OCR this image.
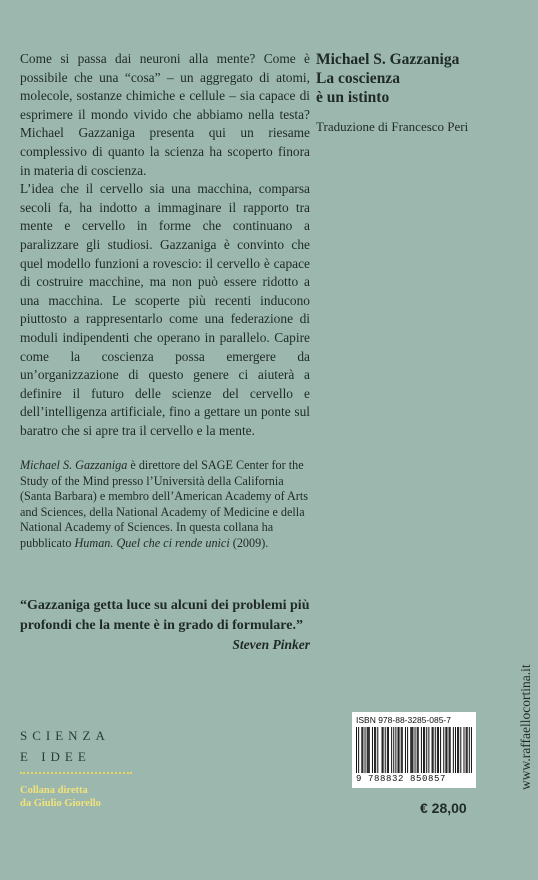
Come si passa dai neuroni alla mente? Come è possibile che una “cosa” – un aggregato di atomi, molecole, sostanze chimiche e cellule – sia capace di esprimere il mondo vivido che abbiamo nella testa? Michael Gazzaniga presenta qui un riesame complessivo di quanto la scienza ha scoperto finora in materia di coscienza.

L’idea che il cervello sia una macchina, comparsa secoli fa, ha indotto a immaginare il rapporto tra mente e cervello in forme che continuano a paralizzare gli studiosi. Gazzaniga è convinto che quel modello funzioni a rovescio: il cervello è capace di costruire macchine, ma non può essere ridotto a una macchina. Le scoperte più recenti inducono piuttosto a rappresentarlo come una federazione di moduli indipendenti che operano in parallelo. Capire come la coscienza possa emergere da un’organizzazione di questo genere ci aiuterà a definire il futuro delle scienze del cervello e dell’intelligenza artificiale, fino a gettare un ponte sul baratro che si apre tra il cervello e la mente.

Michael S. Gazzaniga è direttore del SAGE Center for the Study of the Mind presso l’Università della California (Santa Barbara) e membro dell’American Academy of Arts and Sciences, della National Academy of Medicine e della National Academy of Sciences. In questa collana ha pubblicato Human. Quel che ci rende unici (2009).
Michael S. Gazzaniga
La coscienza
è un istinto
Traduzione di Francesco Peri
“Gazzaniga getta luce su alcuni dei problemi più profondi che la mente è in grado di formulare.”
Steven Pinker
SCIENZA
E IDEE
Collana diretta
da Giulio Giorello
ISBN 978-88-3285-085-7
9 788832 850857
€ 28,00
www.raffaellocortina.it
